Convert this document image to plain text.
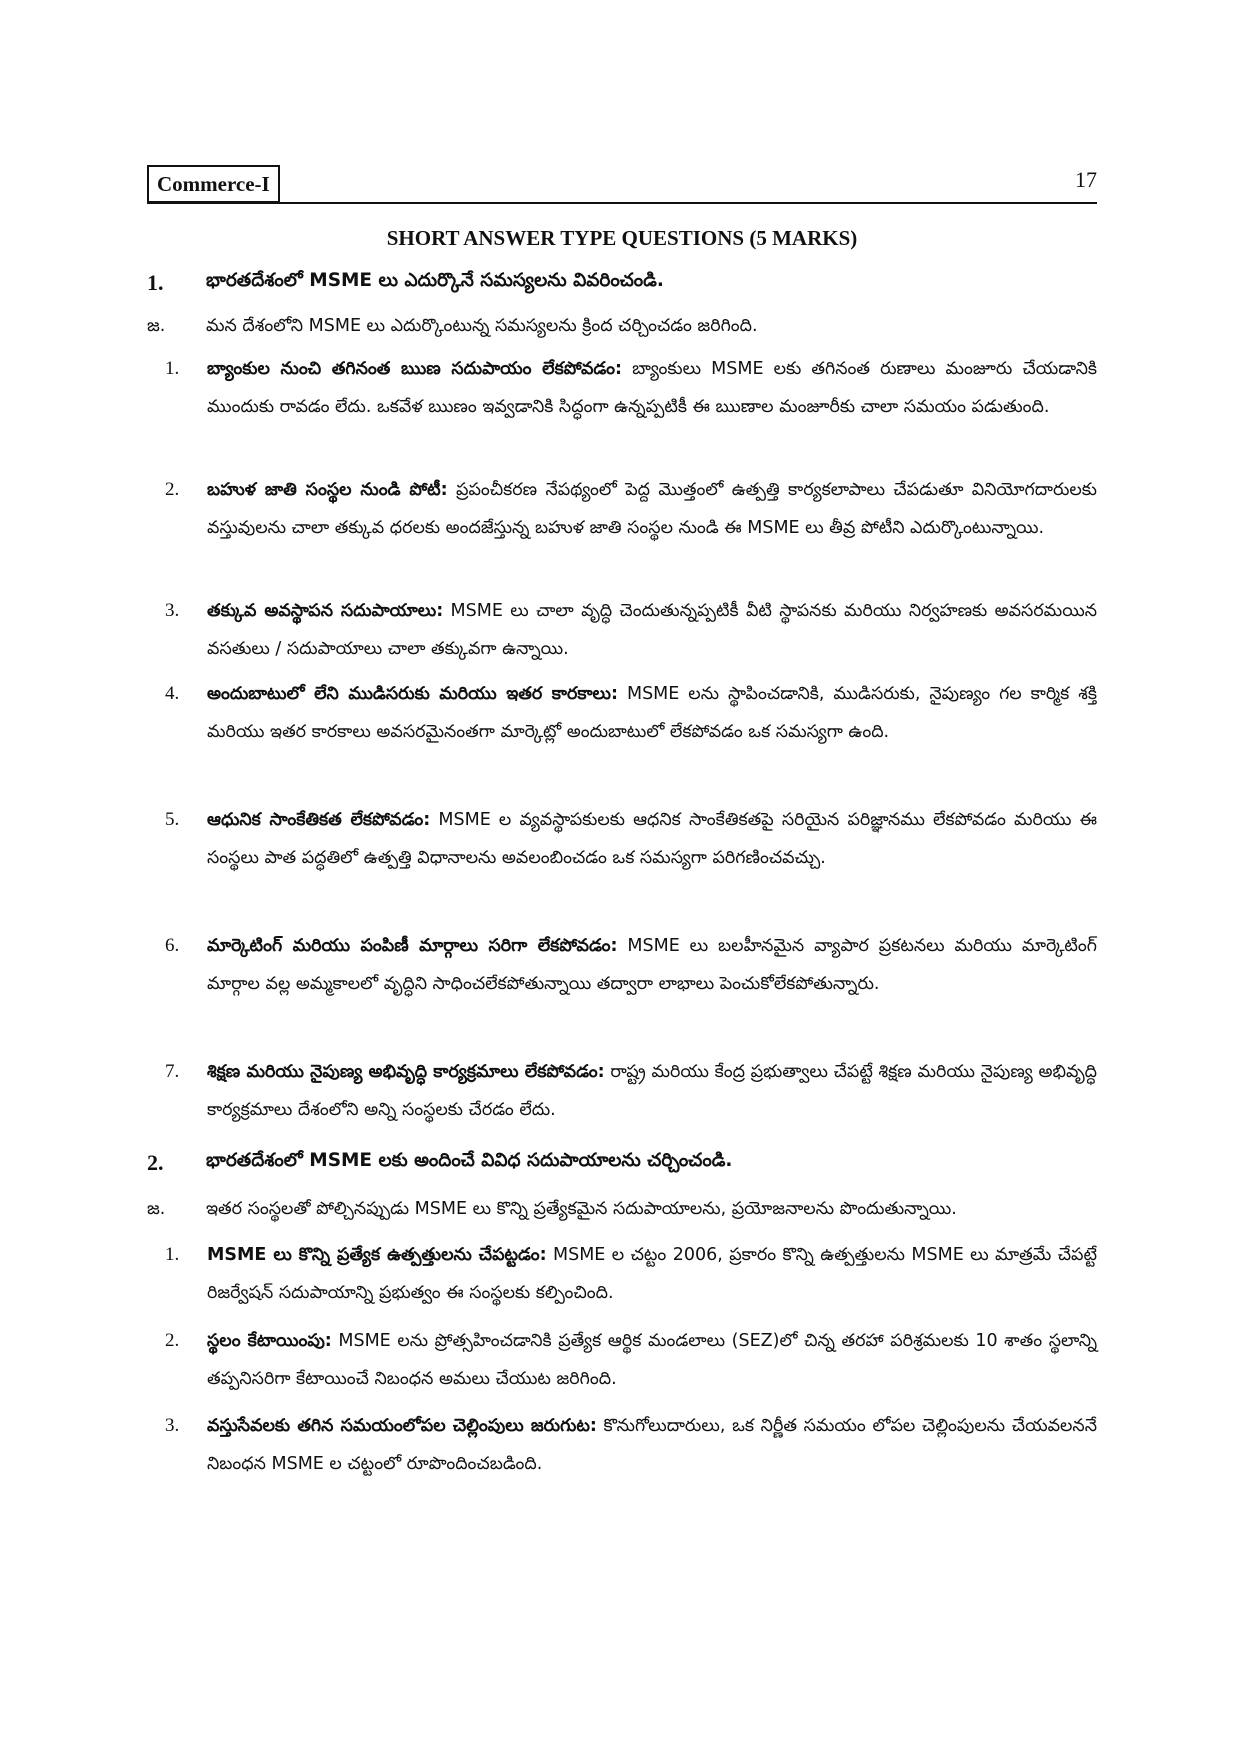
Commerce-I	17
SHORT ANSWER TYPE QUESTIONS (5 MARKS)
1. భారతదేశంలో MSME లు ఎదుర్కొనే సమస్యలను వివరించండి.
జ. మన దేశంలోని MSME లు ఎదుర్కొంటున్న సమస్యలను క్రింద చర్చించడం జరిగింది.
1. బ్యాంకుల నుంచి తగినంత ఋణ సదుపాయం లేకపోవడం: బ్యాంకులు MSME లకు తగినంత రుణాలు మంజూరు చేయడానికి ముందుకు రావడం లేదు. ఒకవేళ ఋణం ఇవ్వడానికి సిద్ధంగా ఉన్నప్పటికీ ఈ ఋణాల మంజూరీకు చాలా సమయం పడుతుంది.
2. బహుళ జాతి సంస్థల నుండి పోటీ: ప్రపంచీకరణ నేపథ్యంలో పెద్ద మొత్తంలో ఉత్పత్తి కార్యకలాపాలు చేపడుతూ వినియోగదారులకు వస్తువులను చాలా తక్కువ ధరలకు అందజేస్తున్న బహుళ జాతి సంస్థల నుండి ఈ MSME లు తీవ్ర పోటీని ఎదుర్కొంటున్నాయి.
3. తక్కువ అవస్థాపన సదుపాయాలు: MSME లు చాలా వృద్ధి చెందుతున్నప్పటికీ వీటి స్థాపనకు మరియు నిర్వహణకు అవసరమయిన వసతులు / సదుపాయాలు చాలా తక్కువగా ఉన్నాయి.
4. అందుబాటులో లేని ముడిసరుకు మరియు ఇతర కారకాలు: MSME లను స్థాపించడానికి, ముడిసరుకు, నైపుణ్యం గల కార్మిక శక్తి మరియు ఇతర కారకాలు అవసరమైనంతగా మార్కెట్లో అందుబాటులో లేకపోవడం ఒక సమస్యగా ఉంది.
5. ఆధునిక సాంకేతికత లేకపోవడం: MSME ల వ్యవస్థాపకులకు ఆధనిక సాంకేతికతపై సరియైన పరిజ్ఞానము లేకపోవడం మరియు ఈ సంస్థలు పాత పద్ధతిలో ఉత్పత్తి విధానాలను అవలంబించడం ఒక సమస్యగా పరిగణించవచ్చు.
6. మార్కెటింగ్ మరియు పంపిణీ మార్గాలు సరిగా లేకపోవడం: MSME లు బలహీనమైన వ్యాపార ప్రకటనలు మరియు మార్కెటింగ్ మార్గాల వల్ల అమ్మకాలలో వృద్ధిని సాధించలేకపోతున్నాయి తద్వారా లాభాలు పెంచుకోలేకపోతున్నారు.
7. శిక్షణ మరియు నైపుణ్య అభివృద్ధి కార్యక్రమాలు లేకపోవడం: రాష్ట్ర మరియు కేంద్ర ప్రభుత్వాలు చేపట్టే శిక్షణ మరియు నైపుణ్య అభివృద్ధి కార్యక్రమాలు దేశంలోని అన్ని సంస్థలకు చేరడం లేదు.
2. భారతదేశంలో MSME లకు అందించే వివిధ సదుపాయాలను చర్చించండి.
జ. ఇతర సంస్థలతో పోల్చినప్పుడు MSME లు కొన్ని ప్రత్యేకమైన సదుపాయాలను, ప్రయోజనాలను పొందుతున్నాయి.
1. MSME లు కొన్ని ప్రత్యేక ఉత్పత్తులను చేపట్టడం: MSME ల చట్టం 2006, ప్రకారం కొన్ని ఉత్పత్తులను MSME లు మాత్రమే చేపట్టే రిజర్వేషన్ సదుపాయాన్ని ప్రభుత్వం ఈ సంస్థలకు కల్పించింది.
2. స్థలం కేటాయింపు: MSME లను ప్రోత్సహించడానికి ప్రత్యేక ఆర్థిక మండలాలు (SEZ)లో చిన్న తరహా పరిశ్రమలకు 10 శాతం స్థలాన్ని తప్పనిసరిగా కేటాయించే నిబంధన అమలు చేయుట జరిగింది.
3. వస్తుసేవలకు తగిన సమయంలోపల చెల్లింపులు జరుగుట: కొనుగోలుదారులు, ఒక నిర్ణీత సమయం లోపల చెల్లింపులను చేయవలననే నిబంధన MSME ల చట్టంలో రూపొందించబడింది.
